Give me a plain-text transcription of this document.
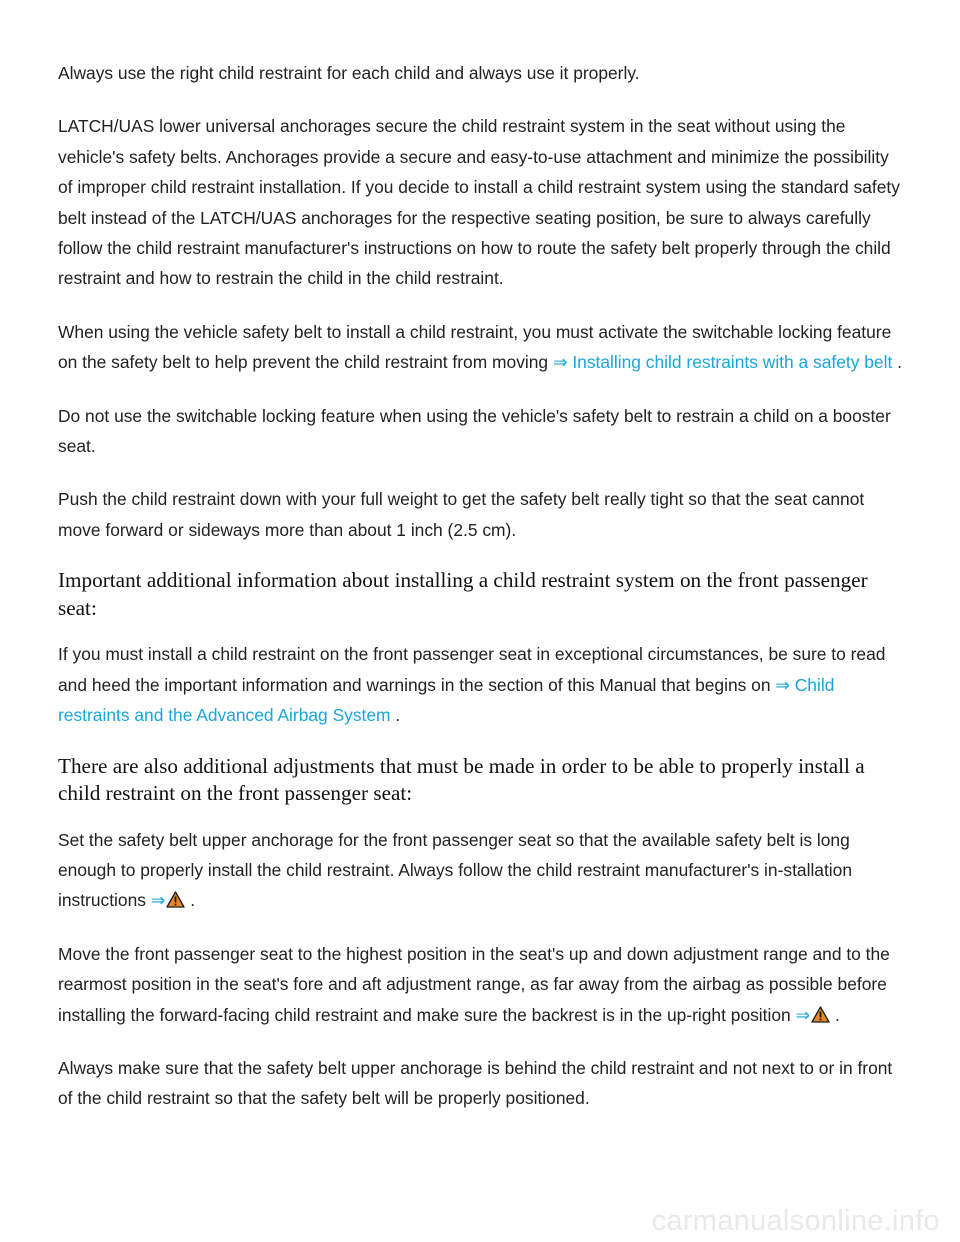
Always use the right child restraint for each child and always use it properly.

LATCH/UAS lower universal anchorages secure the child restraint system in the seat without using the vehicle's safety belts. Anchorages provide a secure and easy-to-use attachment and minimize the possibility of improper child restraint installation. If you decide to install a child restraint system using the standard safety belt instead of the LATCH/UAS anchorages for the respective seating position, be sure to always carefully follow the child restraint manufacturer's instructions on how to route the safety belt properly through the child restraint and how to restrain the child in the child restraint.

When using the vehicle safety belt to install a child restraint, you must activate the switchable locking feature on the safety belt to help prevent the child restraint from moving ⇒ Installing child restraints with a safety belt .

Do not use the switchable locking feature when using the vehicle's safety belt to restrain a child on a booster seat.

Push the child restraint down with your full weight to get the safety belt really tight so that the seat cannot move forward or sideways more than about 1 inch (2.5 cm).

Important additional information about installing a child restraint system on the front passenger seat:

If you must install a child restraint on the front passenger seat in exceptional circumstances, be sure to read and heed the important information and warnings in the section of this Manual that begins on ⇒ Child restraints and the Advanced Airbag System .

There are also additional adjustments that must be made in order to be able to properly install a child restraint on the front passenger seat:

Set the safety belt upper anchorage for the front passenger seat so that the available safety belt is long enough to properly install the child restraint. Always follow the child restraint manufacturer's in-stallation instructions ⇒ .

Move the front passenger seat to the highest position in the seat's up and down adjustment range and to the rearmost position in the seat's fore and aft adjustment range, as far away from the airbag as possible before installing the forward-facing child restraint and make sure the backrest is in the up-right position ⇒ .

Always make sure that the safety belt upper anchorage is behind the child restraint and not next to or in front of the child restraint so that the safety belt will be properly positioned.

carmanualsonline.info
